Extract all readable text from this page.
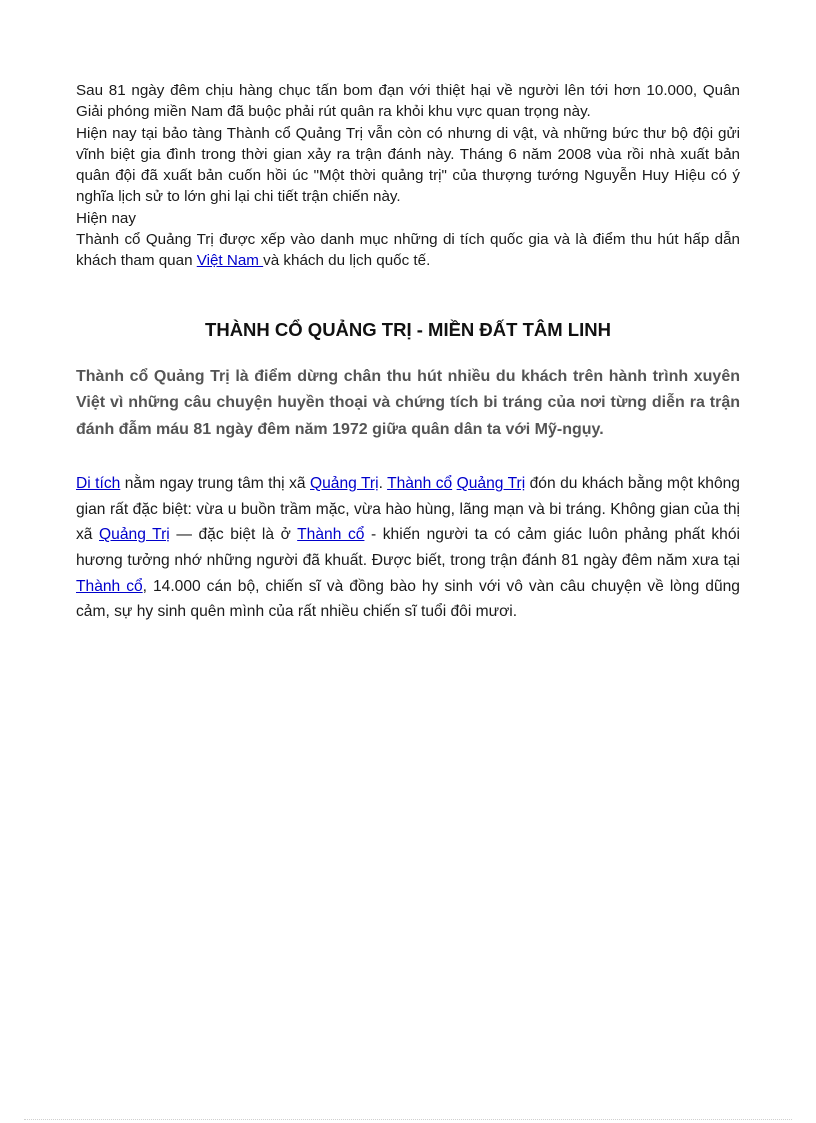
Sau 81 ngày đêm chịu hàng chục tấn bom đạn với thiệt hại về người lên tới hơn 10.000, Quân Giải phóng miền Nam đã buộc phải rút quân ra khỏi khu vực quan trọng này.

Hiện nay tại bảo tàng Thành cổ Quảng Trị vẫn còn có nhưng di vật, và những bức thư bộ đội gửi vĩnh biệt gia đình trong thời gian xảy ra trận đánh này. Tháng 6 năm 2008 vùa rồi nhà xuất bản quân đội đã xuất bản cuốn hồi úc "Một thời quảng trị" của thượng tướng Nguyễn Huy Hiệu có ý nghĩa lịch sử to lớn ghi lại chi tiết trận chiến này.

Hiện nay

Thành cổ Quảng Trị được xếp vào danh mục những di tích quốc gia và là điểm thu hút hấp dẫn khách tham quan Việt Nam và khách du lịch quốc tế.

THÀNH CỔ QUẢNG TRỊ - MIỀN ĐẤT TÂM LINH

Thành cổ Quảng Trị là điểm dừng chân thu hút nhiều du khách trên hành trình xuyên Việt vì những câu chuyện huyền thoại và chứng tích bi tráng của nơi từng diễn ra trận đánh đẫm máu 81 ngày đêm năm 1972 giữa quân dân ta với Mỹ-ngụy.

Di tích nằm ngay trung tâm thị xã Quảng Trị. Thành cổ Quảng Trị đón du khách bằng một không gian rất đặc biệt: vừa u buồn trầm mặc, vừa hào hùng, lãng mạn và bi tráng. Không gian của thị xã Quảng Trị — đặc biệt là ở Thành cổ - khiến người ta có cảm giác luôn phảng phất khói hương tưởng nhớ những người đã khuất. Được biết, trong trận đánh 81 ngày đêm năm xưa tại Thành cổ, 14.000 cán bộ, chiến sĩ và đồng bào hy sinh với vô vàn câu chuyện về lòng dũng cảm, sự hy sinh quên mình của rất nhiều chiến sĩ tuổi đôi mươi.
